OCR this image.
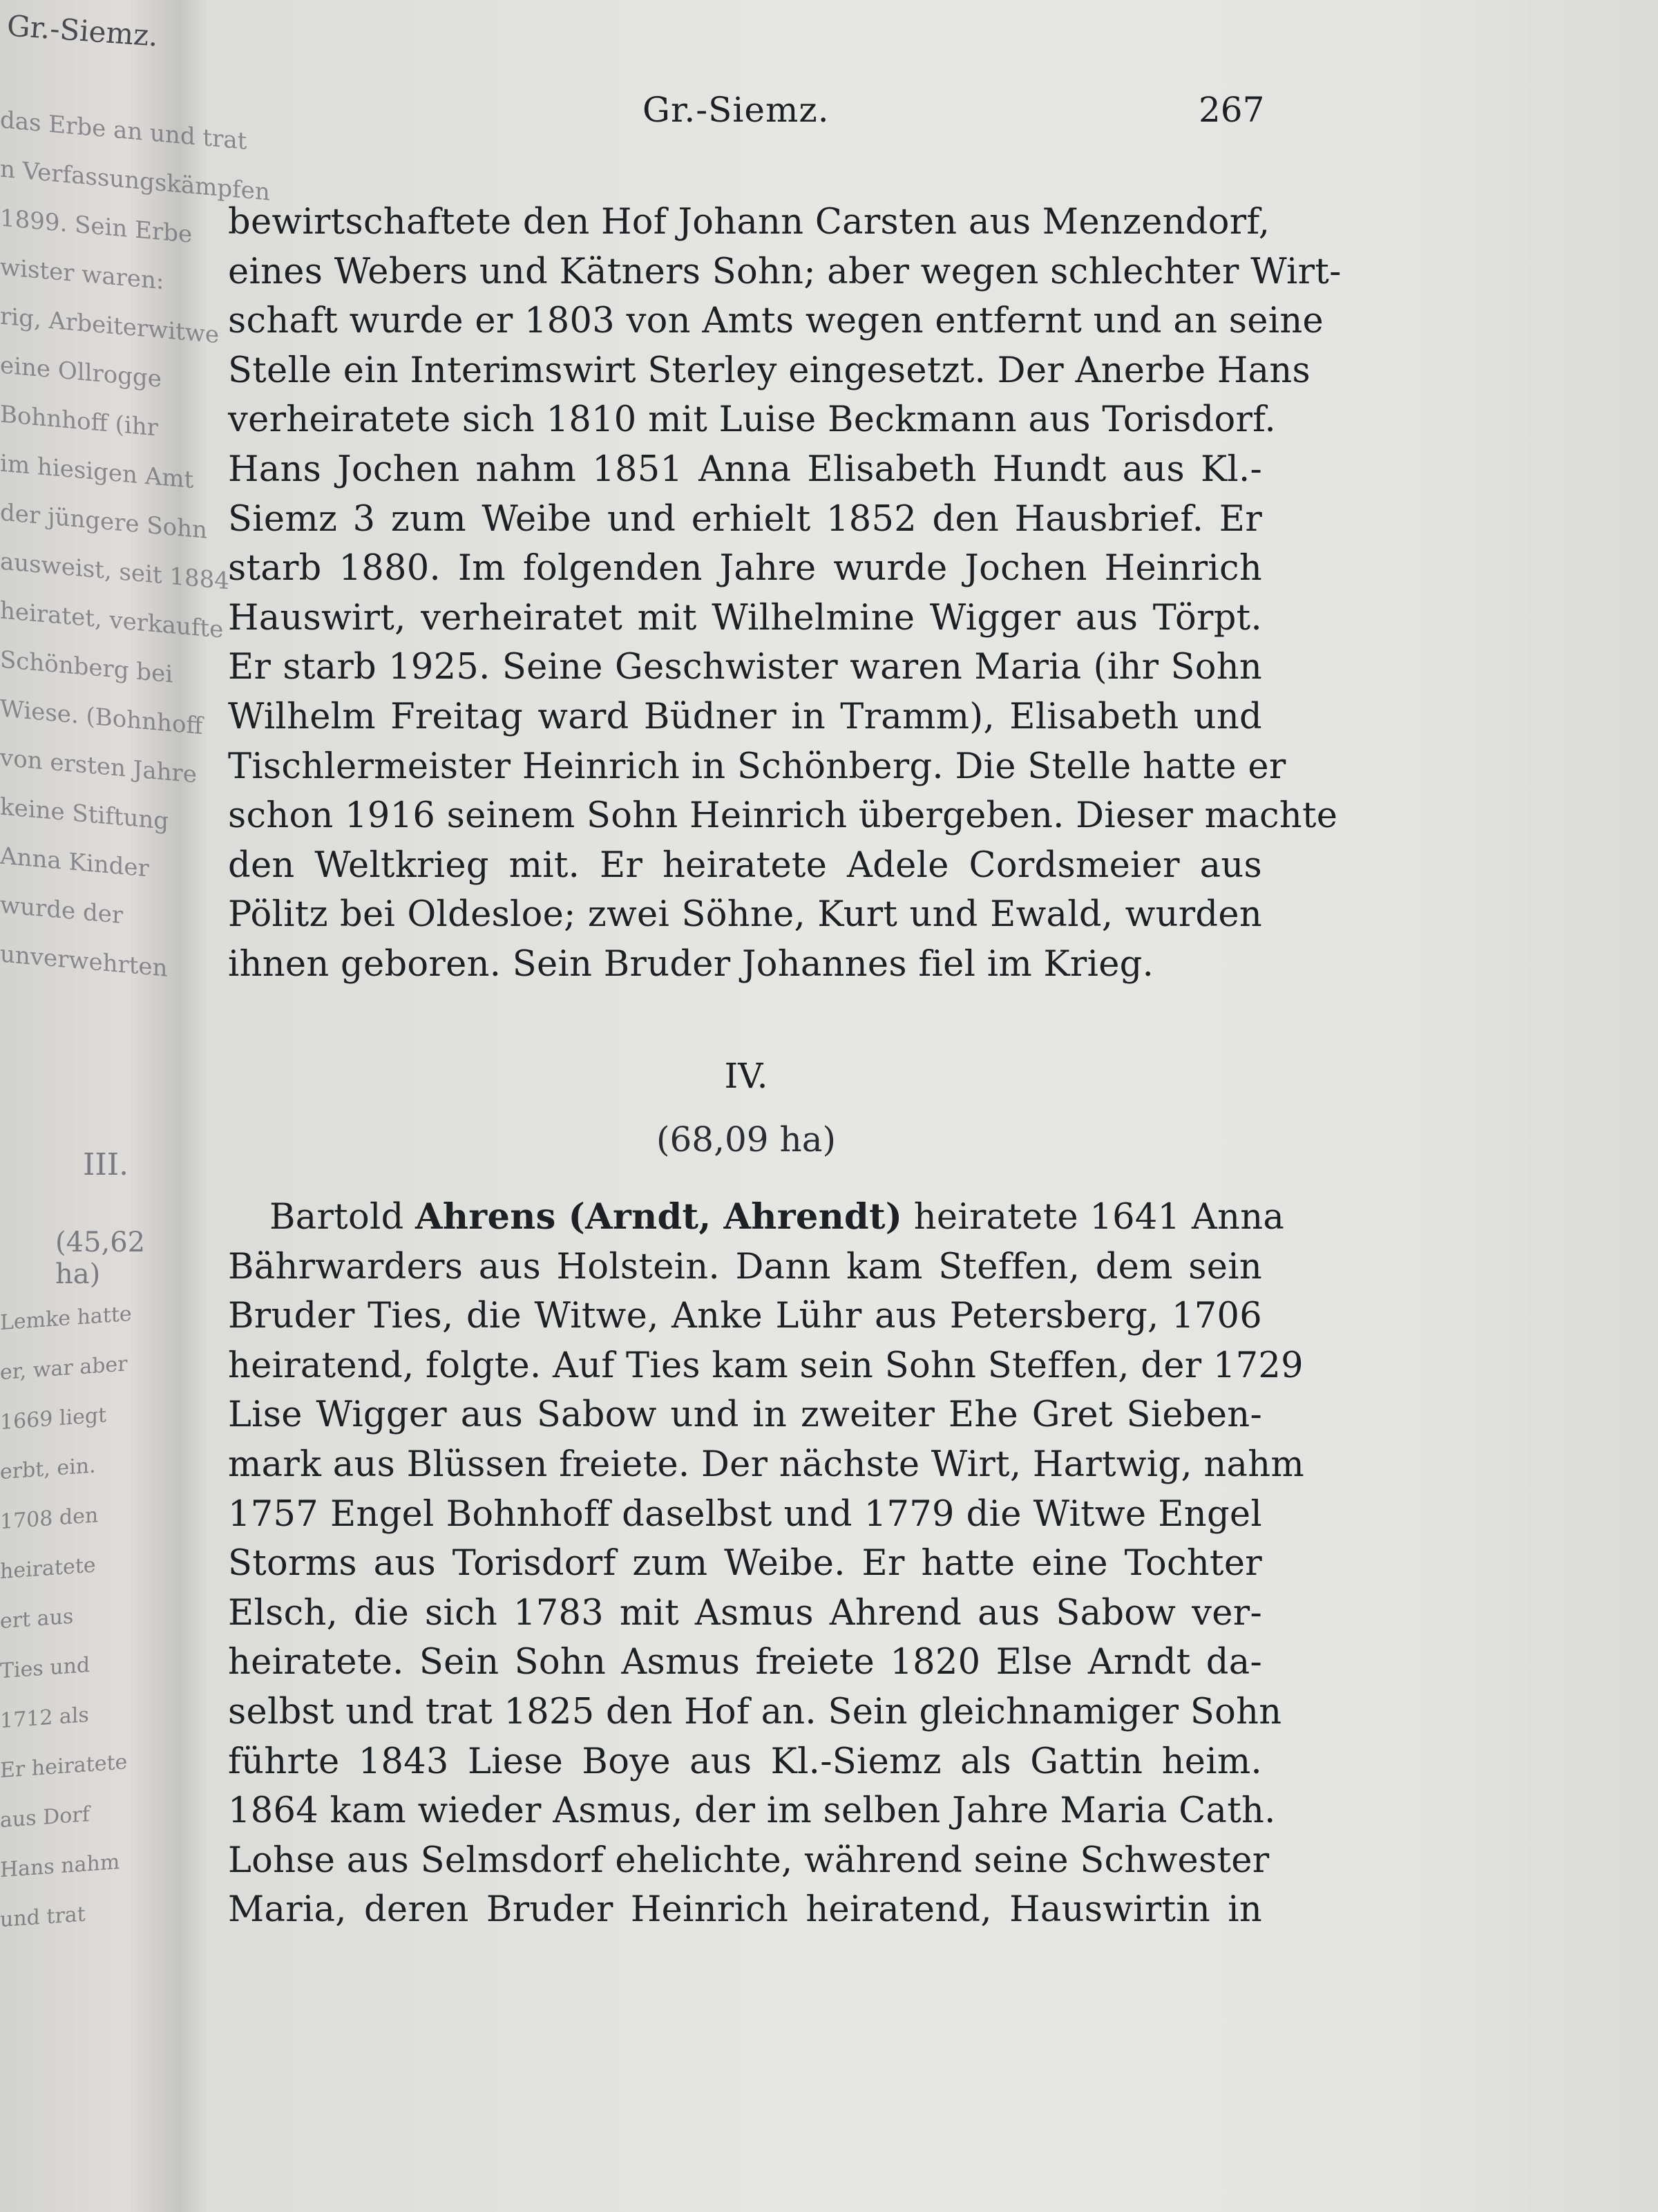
Gr.-Siemz.
das Erbe an und trat
n Verfassungskämpfen
1899. Sein Erbe
wister waren:
rig, Arbeiterwitwe
eine Ollrogge
Bohnhoff (ihr
im hiesigen Amt
der jüngere Sohn
ausweist, seit 1884
heiratet, verkaufte
Schönberg bei
Wiese. (Bohnhoff
von ersten Jahre
keine Stiftung
Anna Kinder
wurde der
unverwehrten
III.
(45,62 ha)
Lemke hatte
er, war aber
1669 liegt
erbt, ein.
1708 den
heiratete
ert aus
Ties und
1712 als
Er heiratete
aus Dorf
Hans nahm
und trat
Gr.-Siemz.	267
bewirtschaftete den Hof Johann Carsten aus Menzendorf,
eines Webers und Kätners Sohn; aber wegen schlechter Wirt-
schaft wurde er 1803 von Amts wegen entfernt und an seine
Stelle ein Interimswirt Sterley eingesetzt. Der Anerbe Hans
verheiratete sich 1810 mit Luise Beckmann aus Torisdorf.
Hans Jochen nahm 1851 Anna Elisabeth Hundt aus Kl.-
Siemz 3 zum Weibe und erhielt 1852 den Hausbrief. Er
starb 1880. Im folgenden Jahre wurde Jochen Heinrich
Hauswirt, verheiratet mit Wilhelmine Wigger aus Törpt.
Er starb 1925. Seine Geschwister waren Maria (ihr Sohn
Wilhelm Freitag ward Büdner in Tramm), Elisabeth und
Tischlermeister Heinrich in Schönberg. Die Stelle hatte er
schon 1916 seinem Sohn Heinrich übergeben. Dieser machte
den Weltkrieg mit. Er heiratete Adele Cordsmeier aus
Pölitz bei Oldesloe; zwei Söhne, Kurt und Ewald, wurden
ihnen geboren. Sein Bruder Johannes fiel im Krieg.
IV.
(68,09 ha)
Bartold Ahrens (Arndt, Ahrendt) heiratete 1641 Anna
Bährwarders aus Holstein. Dann kam Steffen, dem sein
Bruder Ties, die Witwe, Anke Lühr aus Petersberg, 1706
heiratend, folgte. Auf Ties kam sein Sohn Steffen, der 1729
Lise Wigger aus Sabow und in zweiter Ehe Gret Sieben-
mark aus Blüssen freiete. Der nächste Wirt, Hartwig, nahm
1757 Engel Bohnhoff daselbst und 1779 die Witwe Engel
Storms aus Torisdorf zum Weibe. Er hatte eine Tochter
Elsch, die sich 1783 mit Asmus Ahrend aus Sabow ver-
heiratete. Sein Sohn Asmus freiete 1820 Else Arndt da-
selbst und trat 1825 den Hof an. Sein gleichnamiger Sohn
führte 1843 Liese Boye aus Kl.-Siemz als Gattin heim.
1864 kam wieder Asmus, der im selben Jahre Maria Cath.
Lohse aus Selmsdorf ehelichte, während seine Schwester
Maria, deren Bruder Heinrich heiratend, Hauswirtin in
